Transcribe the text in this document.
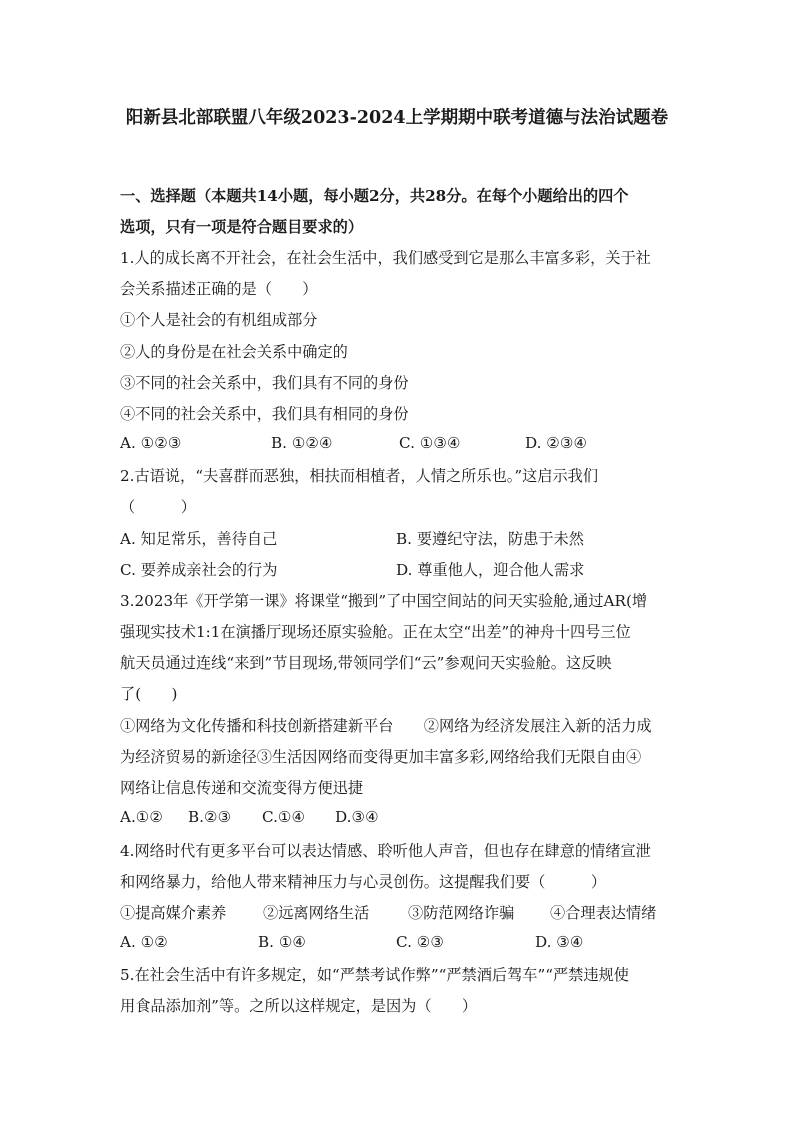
阳新县北部联盟八年级2023-2024上学期期中联考道德与法治试题卷
一、选择题（本题共14小题，每小题2分，共28分。在每个小题给出的四个
选项，只有一项是符合题目要求的）
1.人的成长离不开社会，在社会生活中，我们感受到它是那么丰富多彩，关于社
会关系描述正确的是（　　）
①个人是社会的有机组成部分
②人的身份是在社会关系中确定的
③不同的社会关系中，我们具有不同的身份
④不同的社会关系中，我们具有相同的身份
A. ①②③	B. ①②④	C. ①③④	D. ②③④
2.古语说，“夫喜群而恶独，相扶而相植者，人情之所乐也。”这启示我们
（　　　）
A. 知足常乐，善待自己	B. 要遵纪守法，防患于未然
C. 要养成亲社会的行为	D. 尊重他人，迎合他人需求
3.2023年《开学第一课》将课堂“搬到”了中国空间站的问天实验舱,通过AR(增
强现实技术1:1在演播厅现场还原实验舱。正在太空“出差”的神舟十四号三位
航天员通过连线“来到”节目现场,带领同学们“云”参观问天实验舱。这反映
了(　　)
①网络为文化传播和科技创新搭建新平台　　②网络为经济发展注入新的活力成
为经济贸易的新途径③生活因网络而变得更加丰富多彩,网络给我们无限自由④
网络让信息传递和交流变得方便迅捷
A.①② B.②③ C.①④ D.③④
4.网络时代有更多平台可以表达情感、聆听他人声音，但也存在肆意的情绪宣泄
和网络暴力，给他人带来精神压力与心灵创伤。这提醒我们要（　　　）
①提高媒介素养 ②远离网络生活	③防范网络诈骗 ④合理表达情绪
A. ①②	B. ①④	C. ②③	D. ③④
5.在社会生活中有许多规定，如“严禁考试作弊”“严禁酒后驾车”“严禁违规使
用食品添加剂”等。之所以这样规定，是因为（　　）
